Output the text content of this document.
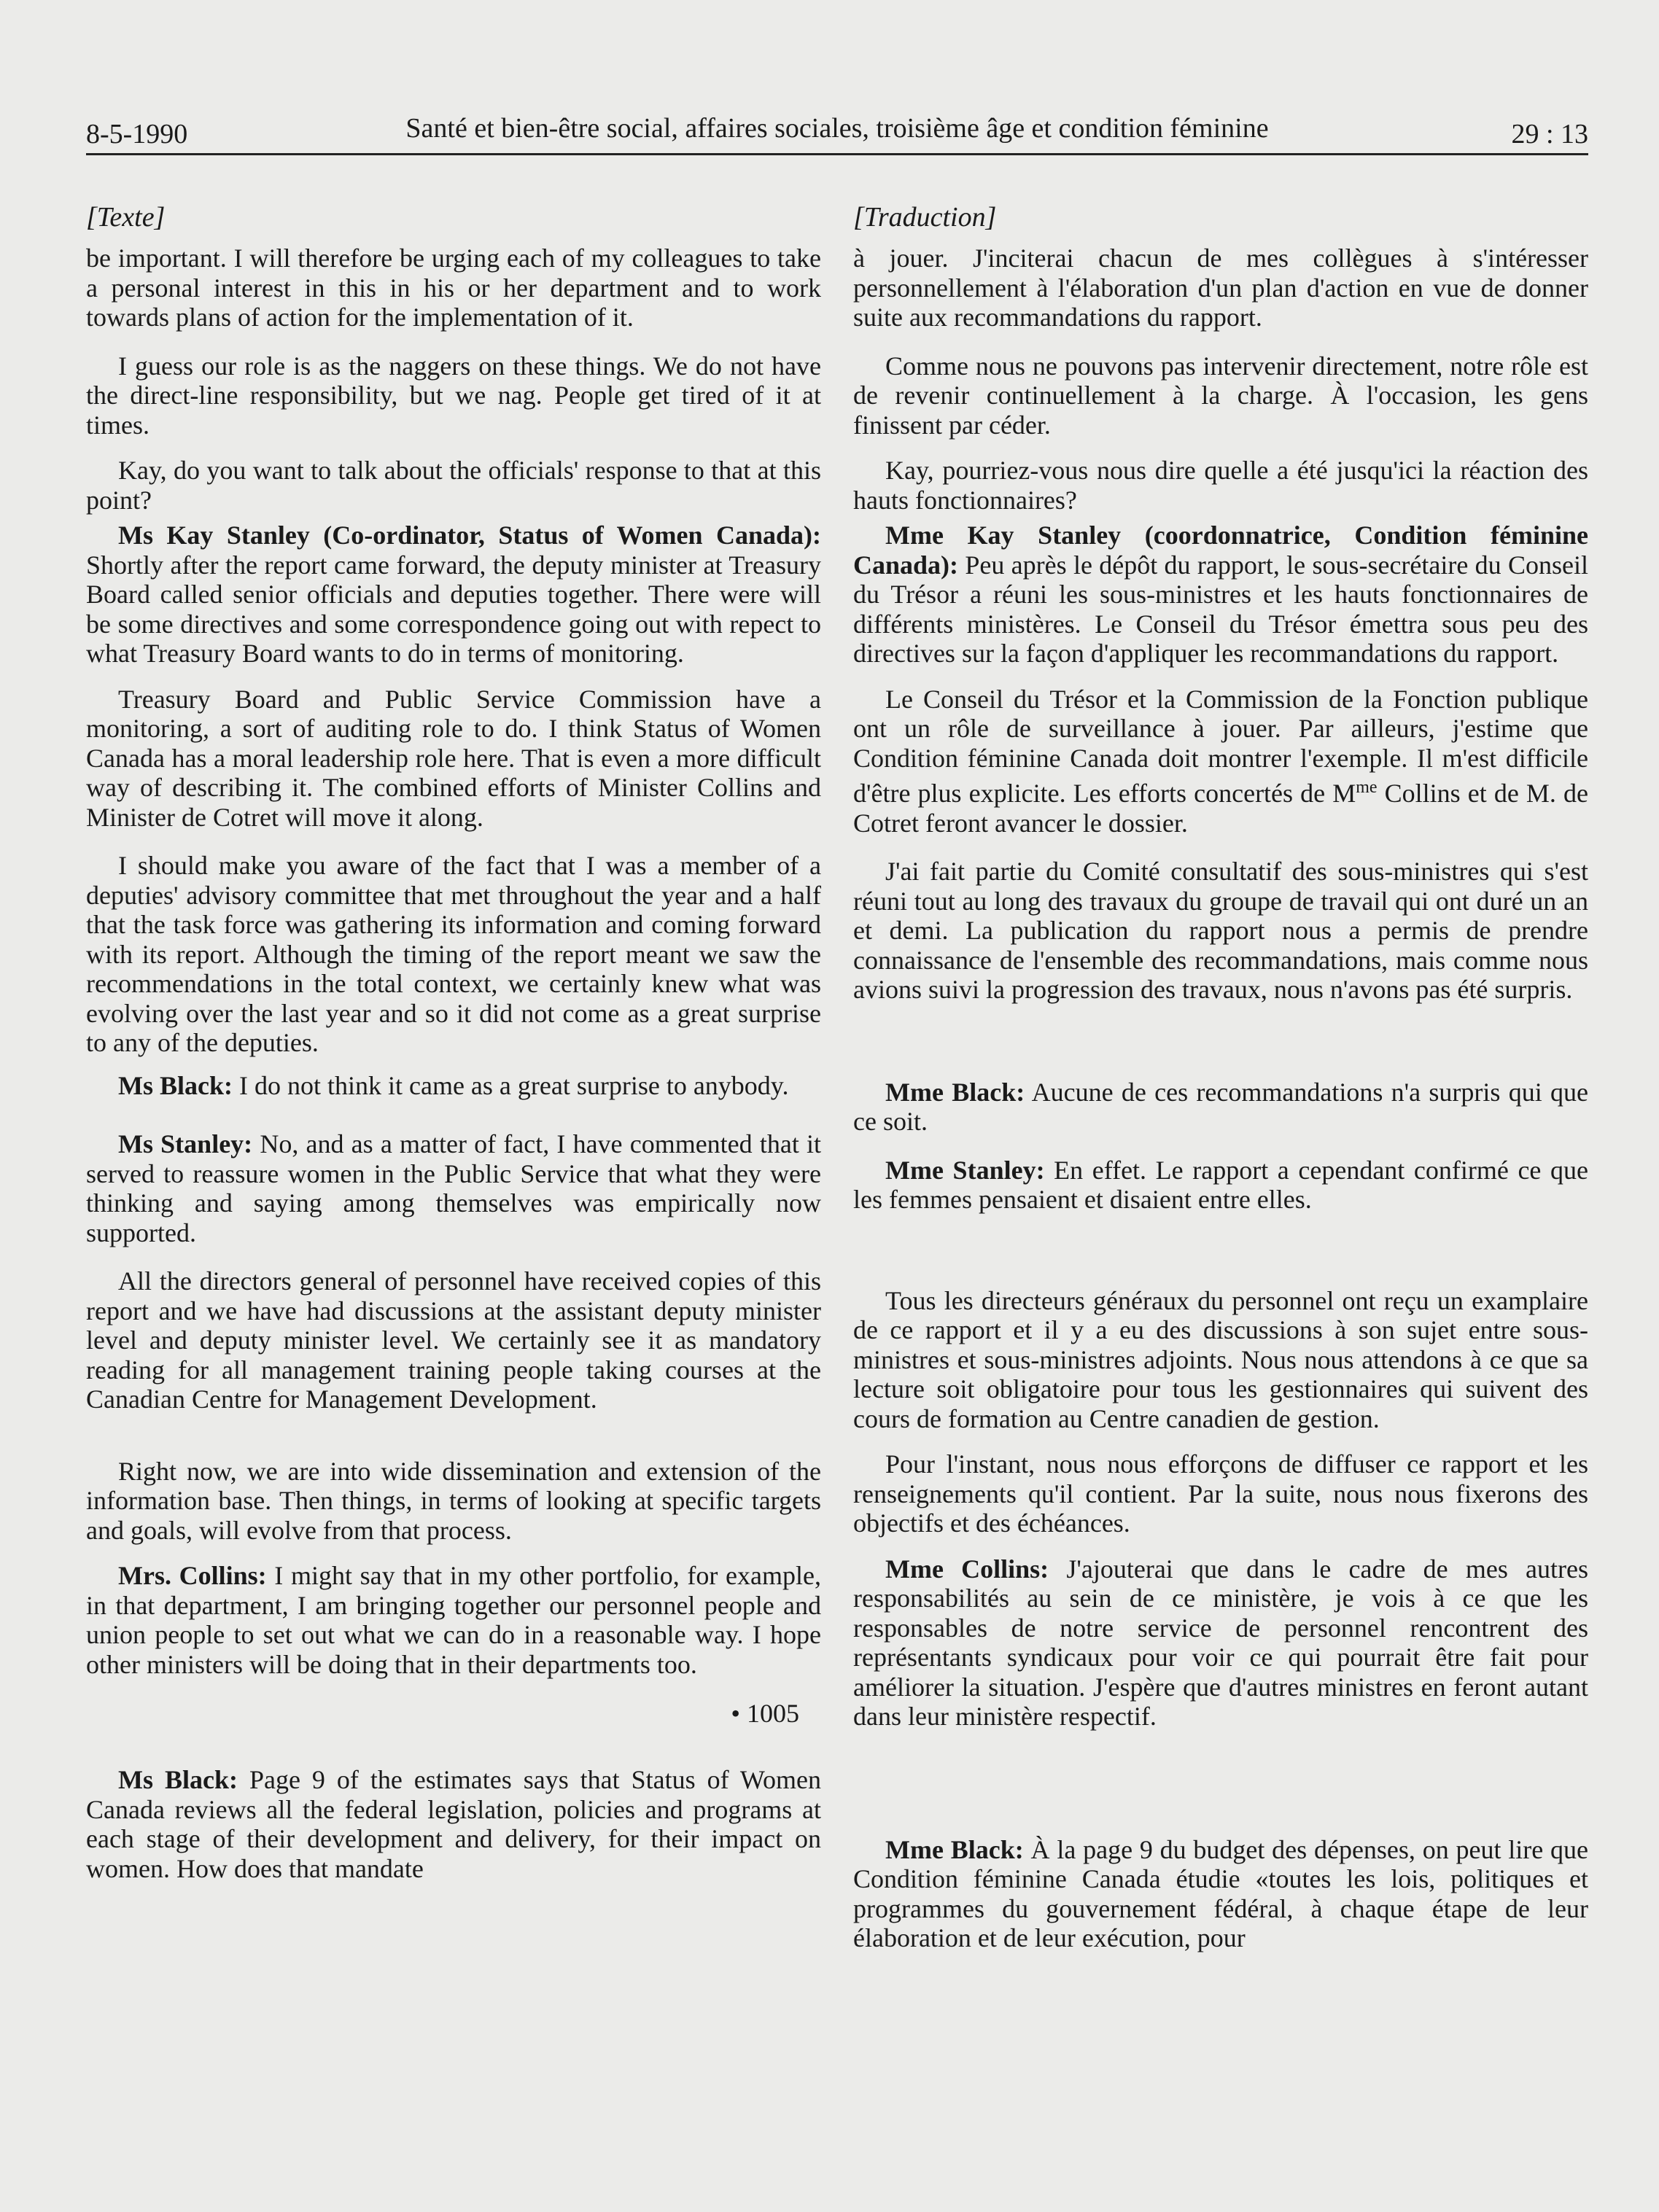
8-5-1990	Santé et bien-être social, affaires sociales, troisième âge et condition féminine	29 : 13
[Texte]

be important. I will therefore be urging each of my colleagues to take a personal interest in this in his or her department and to work towards plans of action for the implementation of it.

I guess our role is as the naggers on these things. We do not have the direct-line responsibility, but we nag. People get tired of it at times.

Kay, do you want to talk about the officials' response to that at this point?

Ms Kay Stanley (Co-ordinator, Status of Women Canada): Shortly after the report came forward, the deputy minister at Treasury Board called senior officials and deputies together. There were will be some directives and some correspondence going out with repect to what Treasury Board wants to do in terms of monitoring.

Treasury Board and Public Service Commission have a monitoring, a sort of auditing role to do. I think Status of Women Canada has a moral leadership role here. That is even a more difficult way of describing it. The combined efforts of Minister Collins and Minister de Cotret will move it along.

I should make you aware of the fact that I was a member of a deputies' advisory committee that met throughout the year and a half that the task force was gathering its information and coming forward with its report. Although the timing of the report meant we saw the recommendations in the total context, we certainly knew what was evolving over the last year and so it did not come as a great surprise to any of the deputies.

Ms Black: I do not think it came as a great surprise to anybody.

Ms Stanley: No, and as a matter of fact, I have commented that it served to reassure women in the Public Service that what they were thinking and saying among themselves was empirically now supported.

All the directors general of personnel have received copies of this report and we have had discussions at the assistant deputy minister level and deputy minister level. We certainly see it as mandatory reading for all management training people taking courses at the Canadian Centre for Management Development.

Right now, we are into wide dissemination and extension of the information base. Then things, in terms of looking at specific targets and goals, will evolve from that process.

Mrs. Collins: I might say that in my other portfolio, for example, in that department, I am bringing together our personnel people and union people to set out what we can do in a reasonable way. I hope other ministers will be doing that in their departments too.

• 1005

Ms Black: Page 9 of the estimates says that Status of Women Canada reviews all the federal legislation, policies and programs at each stage of their development and delivery, for their impact on women. How does that mandate

[Traduction]

à jouer. J'inciterai chacun de mes collègues à s'intéresser personnellement à l'élaboration d'un plan d'action en vue de donner suite aux recommandations du rapport.

Comme nous ne pouvons pas intervenir directement, notre rôle est de revenir continuellement à la charge. À l'occasion, les gens finissent par céder.

Kay, pourriez-vous nous dire quelle a été jusqu'ici la réaction des hauts fonctionnaires?

Mme Kay Stanley (coordonnatrice, Condition féminine Canada): Peu après le dépôt du rapport, le sous-secrétaire du Conseil du Trésor a réuni les sous-ministres et les hauts fonctionnaires de différents ministères. Le Conseil du Trésor émettra sous peu des directives sur la façon d'appliquer les recommandations du rapport.

Le Conseil du Trésor et la Commission de la Fonction publique ont un rôle de surveillance à jouer. Par ailleurs, j'estime que Condition féminine Canada doit montrer l'exemple. Il m'est difficile d'être plus explicite. Les efforts concertés de $M^{me}$ Collins et de M. de Cotret feront avancer le dossier.

J'ai fait partie du Comité consultatif des sous-ministres qui s'est réuni tout au long des travaux du groupe de travail qui ont duré un an et demi. La publication du rapport nous a permis de prendre connaissance de l'ensemble des recommandations, mais comme nous avions suivi la progression des travaux, nous n'avons pas été surpris.

Mme Black: Aucune de ces recommandations n'a surpris qui que ce soit.

Mme Stanley: En effet. Le rapport a cependant confirmé ce que les femmes pensaient et disaient entre elles.

Tous les directeurs généraux du personnel ont reçu un examplaire de ce rapport et il y a eu des discussions à son sujet entre sous-ministres et sous-ministres adjoints. Nous nous attendons à ce que sa lecture soit obligatoire pour tous les gestionnaires qui suivent des cours de formation au Centre canadien de gestion.

Pour l'instant, nous nous efforçons de diffuser ce rapport et les renseignements qu'il contient. Par la suite, nous nous fixerons des objectifs et des échéances.

Mme Collins: J'ajouterai que dans le cadre de mes autres responsabilités au sein de ce ministère, je vois à ce que les responsables de notre service de personnel rencontrent des représentants syndicaux pour voir ce qui pourrait être fait pour améliorer la situation. J'espère que d'autres ministres en feront autant dans leur ministère respectif.

Mme Black: À la page 9 du budget des dépenses, on peut lire que Condition féminine Canada étudie «toutes les lois, politiques et programmes du gouvernement fédéral, à chaque étape de leur élaboration et de leur exécution, pour
